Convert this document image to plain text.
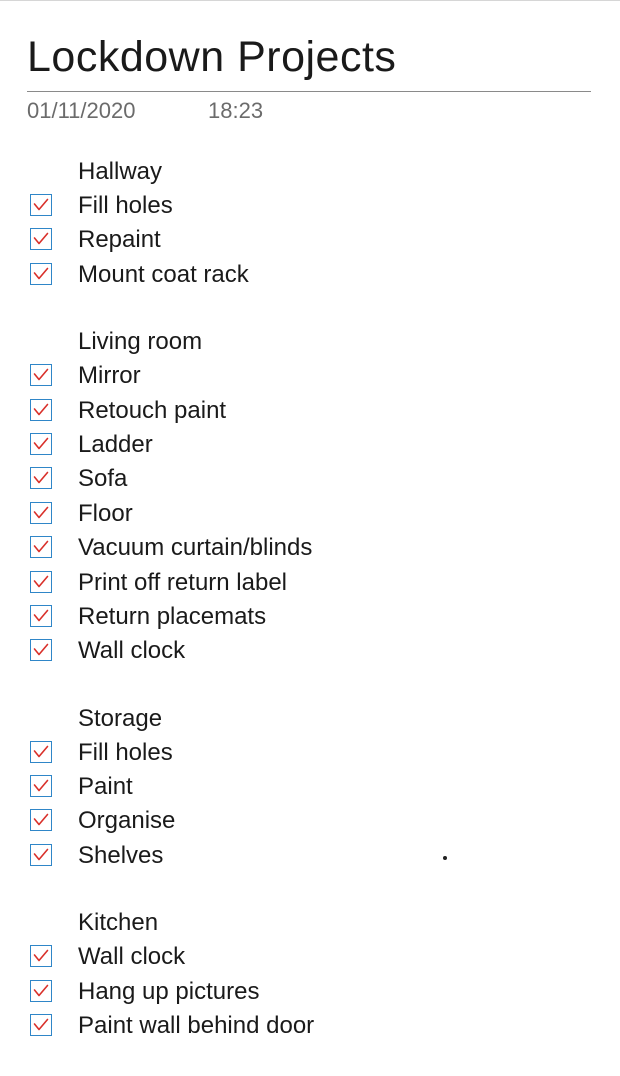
Lockdown Projects
01/11/2020	18:23
Hallway
Fill holes
Repaint
Mount coat rack
Living room
Mirror
Retouch paint
Ladder
Sofa
Floor
Vacuum curtain/blinds
Print off return label
Return placemats
Wall clock
Storage
Fill holes
Paint
Organise
Shelves
Kitchen
Wall clock
Hang up pictures
Paint wall behind door
